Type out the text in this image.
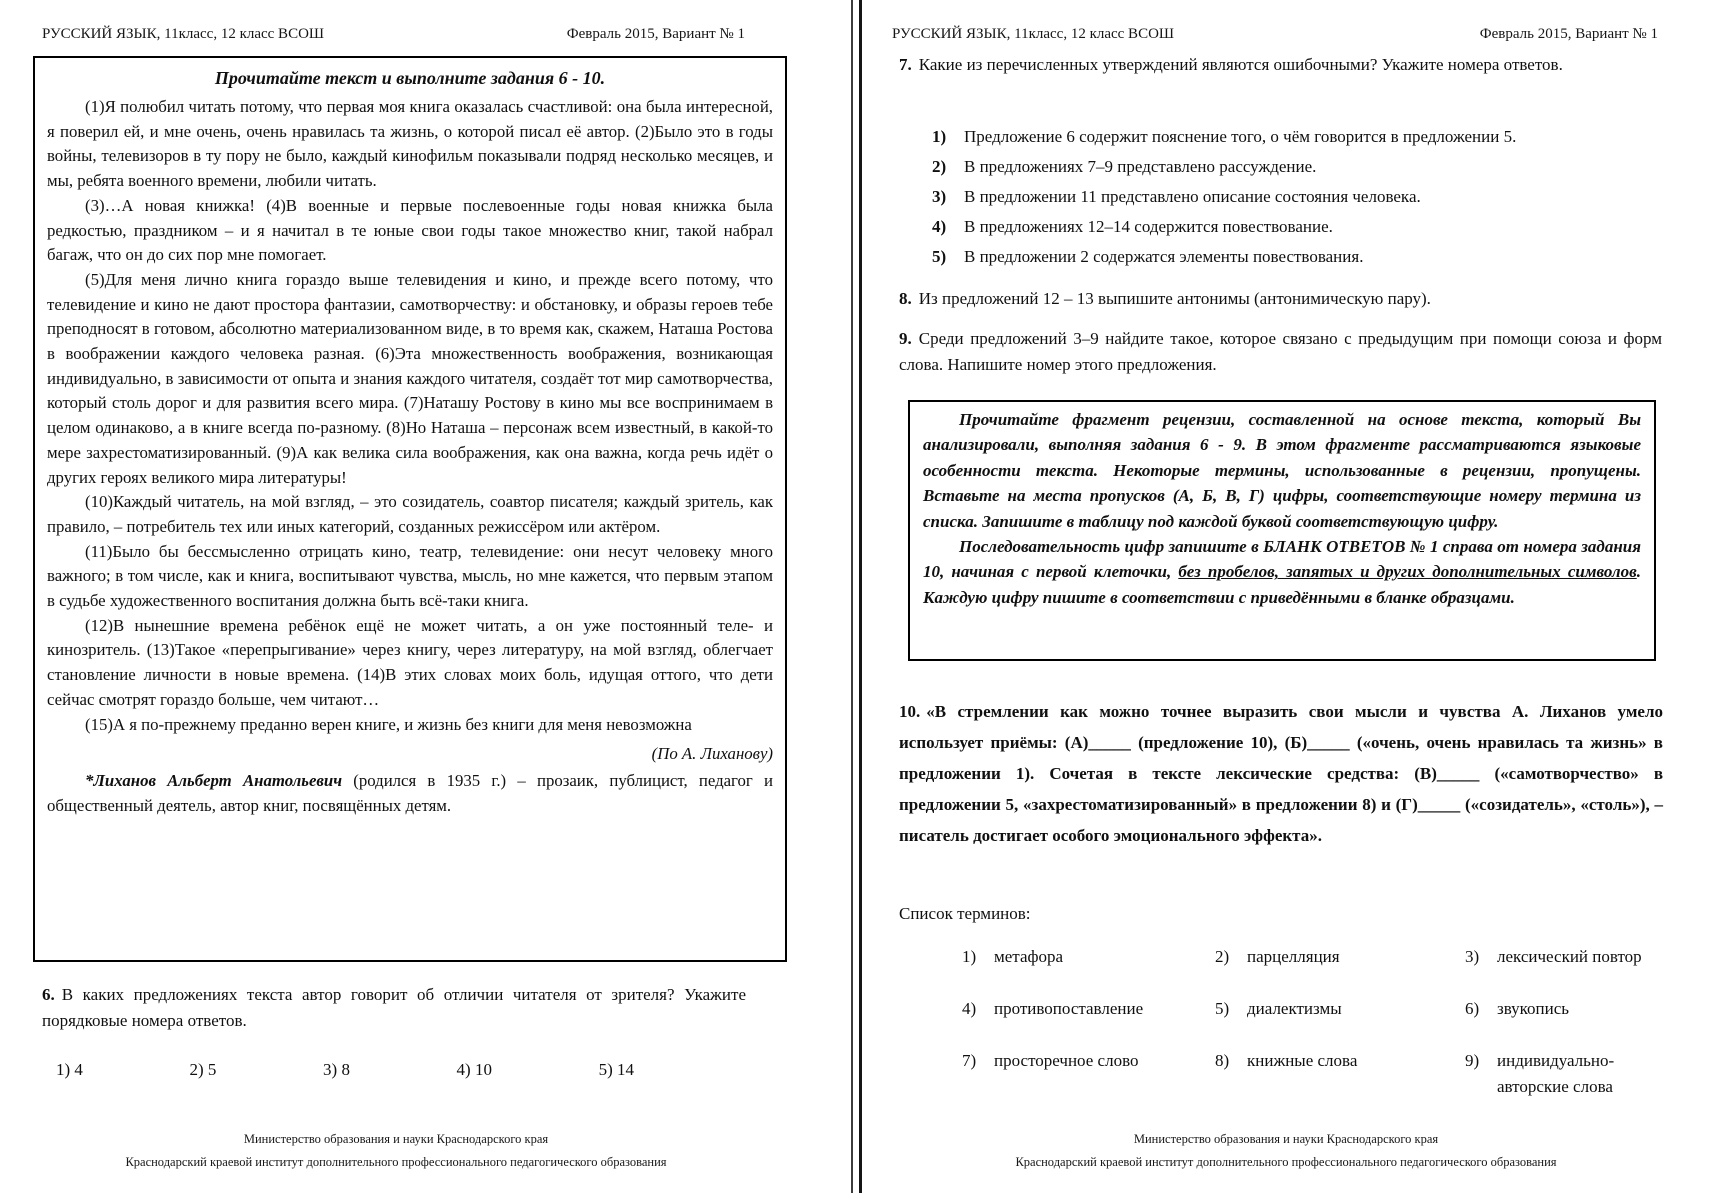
РУССКИЙ ЯЗЫК, 11класс, 12 класс ВСОШ	Февраль 2015, Вариант № 1

Прочитайте текст и выполните задания 6 - 10.

(1)Я полюбил читать потому, что первая моя книга оказалась счастливой: она была интересной, я поверил ей, и мне очень, очень нравилась та жизнь, о которой писал её автор. (2)Было это в годы войны, телевизоров в ту пору не было, каждый кинофильм показывали подряд несколько месяцев, и мы, ребята военного времени, любили читать.

(3)…А новая книжка! (4)В военные и первые послевоенные годы новая книжка была редкостью, праздником – и я начитал в те юные свои годы такое множество книг, такой набрал багаж, что он до сих пор мне помогает.

(5)Для меня лично книга гораздо выше телевидения и кино, и прежде всего потому, что телевидение и кино не дают простора фантазии, самотворчеству: и обстановку, и образы героев тебе преподносят в готовом, абсолютно материализованном виде, в то время как, скажем, Наташа Ростова в воображении каждого человека разная. (6)Эта множественность воображения, возникающая индивидуально, в зависимости от опыта и знания каждого читателя, создаёт тот мир самотворчества, который столь дорог и для развития всего мира. (7)Наташу Ростову в кино мы все воспринимаем в целом одинаково, а в книге всегда по-разному. (8)Но Наташа – персонаж всем известный, в какой-то мере захрестоматизированный. (9)А как велика сила воображения, как она важна, когда речь идёт о других героях великого мира литературы!

(10)Каждый читатель, на мой взгляд, – это созидатель, соавтор писателя; каждый зритель, как правило, – потребитель тех или иных категорий, созданных режиссёром или актёром.

(11)Было бы бессмысленно отрицать кино, театр, телевидение: они несут человеку много важного; в том числе, как и книга, воспитывают чувства, мысль, но мне кажется, что первым этапом в судьбе художественного воспитания должна быть всё-таки книга.

(12)В нынешние времена ребёнок ещё не может читать, а он уже постоянный теле- и кинозритель. (13)Такое «перепрыгивание» через книгу, через литературу, на мой взгляд, облегчает становление личности в новые времена. (14)В этих словах моих боль, идущая оттого, что дети сейчас смотрят гораздо больше, чем читают…

(15)А я по-прежнему преданно верен книге, и жизнь без книги для меня невозможна

(По А. Лиханову)

*Лиханов Альберт Анатольевич (родился в 1935 г.) – прозаик, публицист, педагог и общественный деятель, автор книг, посвящённых детям.

6. В каких предложениях текста автор говорит об отличии читателя от зрителя? Укажите порядковые номера ответов.
1) 4	2) 5	3) 8	4) 10	5) 14
Министерство образования и науки Краснодарского края
Краснодарский краевой институт дополнительного профессионального педагогического образования
РУССКИЙ ЯЗЫК, 11класс, 12 класс ВСОШ	Февраль 2015, Вариант № 1
7. Какие из перечисленных утверждений являются ошибочными? Укажите номера ответов.
1) Предложение 6 содержит пояснение того, о чём говорится в предложении 5.
2) В предложениях 7–9 представлено рассуждение.
3) В предложении 11 представлено описание состояния человека.
4) В предложениях 12–14 содержится повествование.
5) В предложении 2 содержатся элементы повествования.
8. Из предложений 12 – 13 выпишите антонимы (антонимическую пару).
9. Среди предложений 3–9 найдите такое, которое связано с предыдущим при помощи союза и форм слова. Напишите номер этого предложения.

Прочитайте фрагмент рецензии, составленной на основе текста, который Вы анализировали, выполняя задания 6 - 9. В этом фрагменте рассматриваются языковые особенности текста. Некоторые термины, использованные в рецензии, пропущены. Вставьте на места пропусков (А, Б, В, Г) цифры, соответствующие номеру термина из списка. Запишите в таблицу под каждой буквой соответствующую цифру.

Последовательность цифр запишите в БЛАНК ОТВЕТОВ № 1 справа от номера задания 10, начиная с первой клеточки, без пробелов, запятых и других дополнительных символов. Каждую цифру пишите в соответствии с приведёнными в бланке образцами.

10. «В стремлении как можно точнее выразить свои мысли и чувства А. Лиханов умело использует приёмы: (А)_____ (предложение 10), (Б)_____ («очень, очень нравилась та жизнь» в предложении 1). Сочетая в тексте лексические средства: (В)_____ («самотворчество» в предложении 5, «захрестоматизированный» в предложении 8) и (Г)_____ («созидатель», «столь»), – писатель достигает особого эмоционального эффекта».
Список терминов:
1) метафора	2) парцелляция	3) лексический повтор
4) противопоставление	5) диалектизмы	6) звукопись
7) просторечное слово	8) книжные слова	9) индивидуально-авторские слова
Министерство образования и науки Краснодарского края
Краснодарский краевой институт дополнительного профессионального педагогического образования
